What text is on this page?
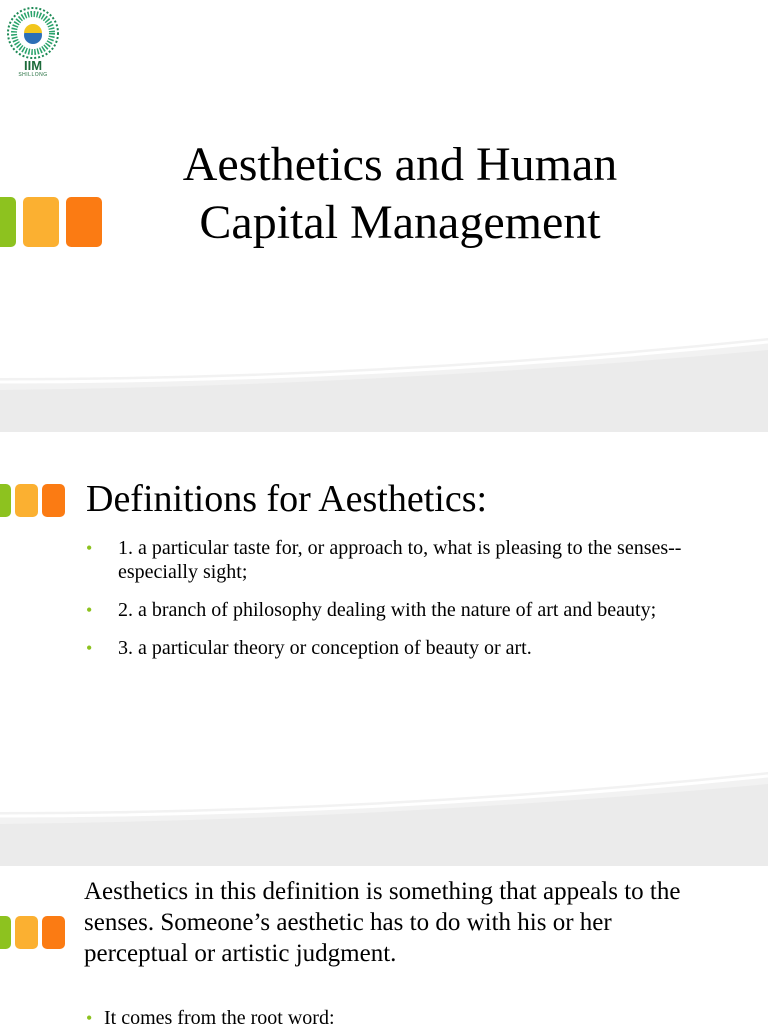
IIM
SHILLONG
Aesthetics and Human
Capital Management
Definitions for Aesthetics:
• 1. a particular taste for, or approach to, what is pleasing to the senses--especially sight;
• 2. a branch of philosophy dealing with the nature of art and beauty;
• 3. a particular theory or conception of beauty or art.

Aesthetics in this definition is something that appeals to the senses. Someone’s aesthetic has to do with his or her perceptual or artistic judgment.

• It comes from the root word:
